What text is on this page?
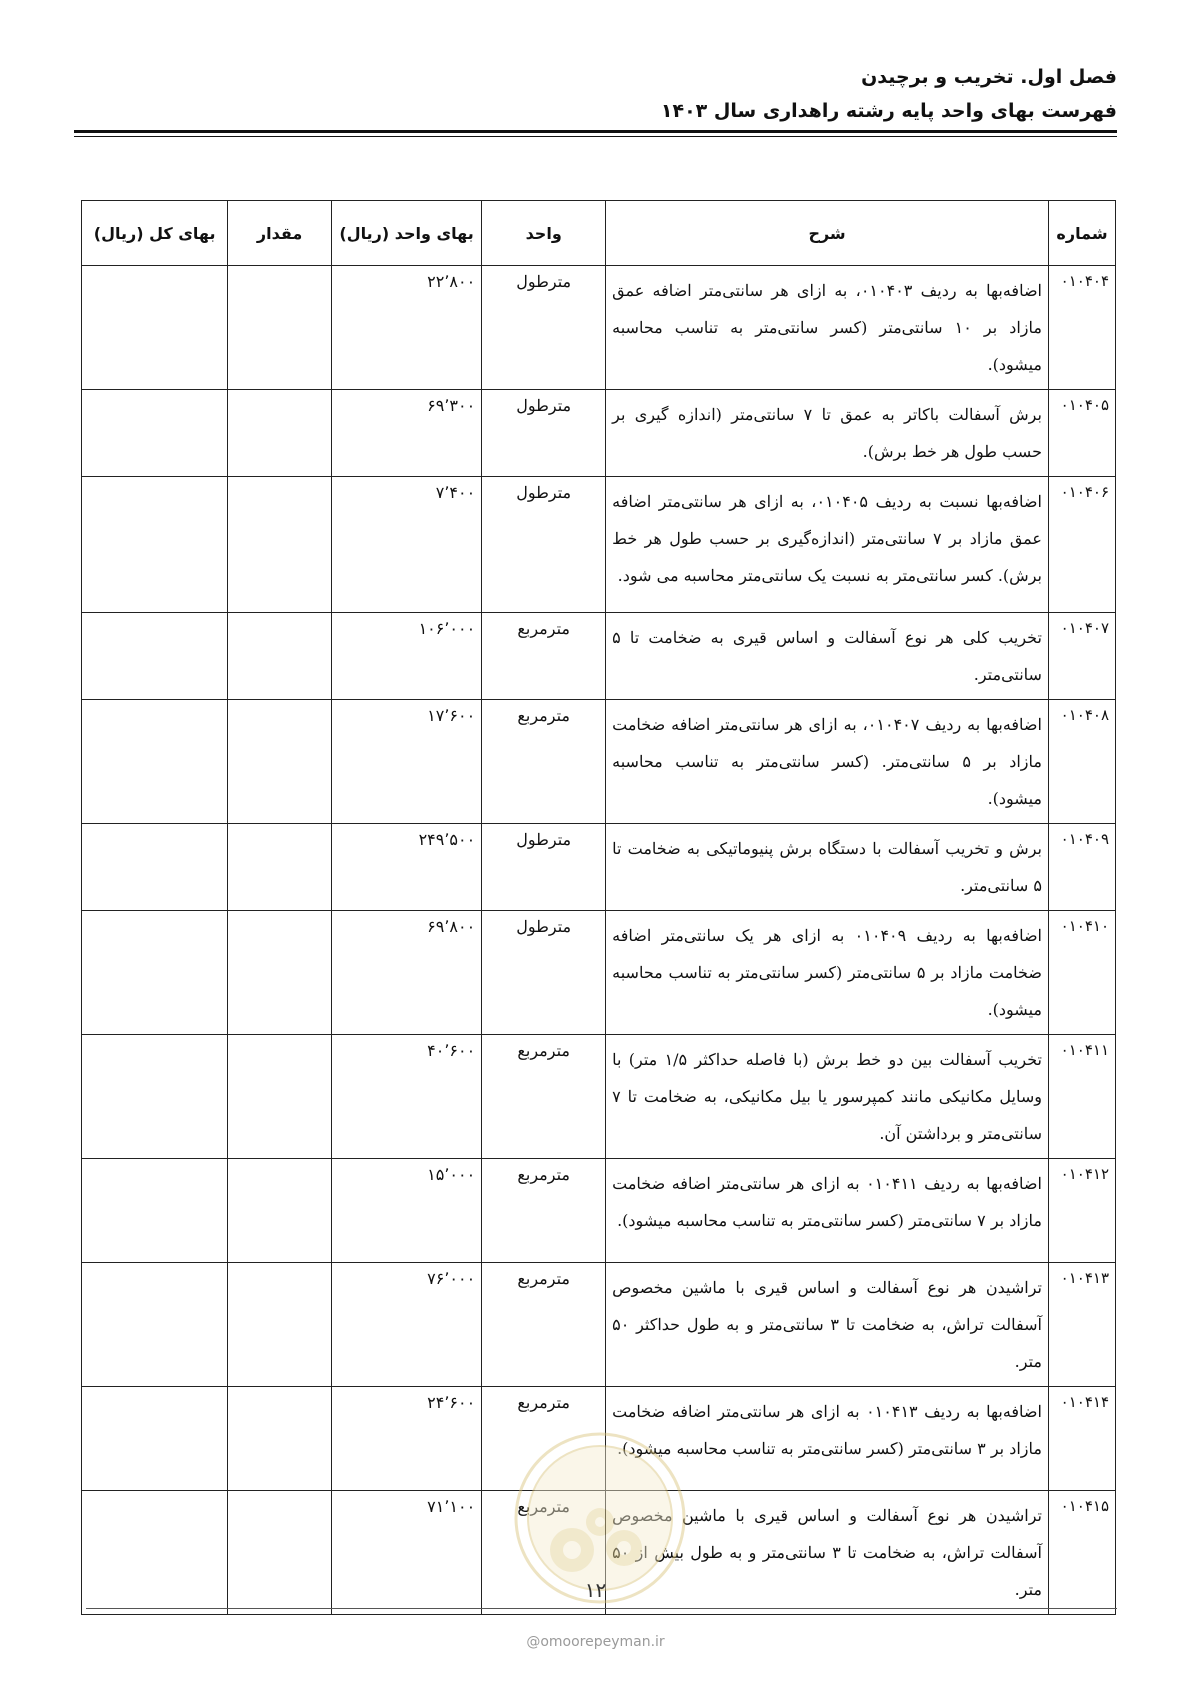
فصل اول. تخریب و برچیدن
فهرست بهای واحد پایه رشته راهداری سال ۱۴۰۳
شماره	شرح	واحد	بهای واحد (ریال)	مقدار	بهای کل (ریال)
۰۱۰۴۰۴	اضافه‌بها به ردیف ۰۱۰۴۰۳، به ازای هر سانتی‌متر اضافه عمق مازاد بر ۱۰ سانتی‌متر (کسر سانتی‌متر به تناسب محاسبه میشود).	مترطول	۲۲٬۸۰۰		
۰۱۰۴۰۵	برش آسفالت باکاتر به عمق تا ۷ سانتی‌متر (اندازه گیری بر حسب طول هر خط برش).	مترطول	۶۹٬۳۰۰		
۰۱۰۴۰۶	اضافه‌بها نسبت به ردیف ۰۱۰۴۰۵، به ازای هر سانتی‌متر اضافه عمق مازاد بر ۷ سانتی‌متر (اندازه‌گیری بر حسب طول هر خط برش). کسر سانتی‌متر به نسبت یک سانتی‌متر محاسبه می شود.	مترطول	۷٬۴۰۰		
۰۱۰۴۰۷	تخریب کلی هر نوع آسفالت و اساس قیری به ضخامت تا ۵ سانتی‌متر.	مترمربع	۱۰۶٬۰۰۰		
۰۱۰۴۰۸	اضافه‌بها به ردیف ۰۱۰۴۰۷، به ازای هر سانتی‌متر اضافه ضخامت مازاد بر ۵ سانتی‌متر. (کسر سانتی‌متر به تناسب محاسبه میشود).	مترمربع	۱۷٬۶۰۰		
۰۱۰۴۰۹	برش و تخریب آسفالت با دستگاه برش پنیوماتیکی به ضخامت تا ۵ سانتی‌متر.	مترطول	۲۴۹٬۵۰۰		
۰۱۰۴۱۰	اضافه‌بها به ردیف ۰۱۰۴۰۹ به ازای هر یک سانتی‌متر اضافه ضخامت مازاد بر ۵ سانتی‌متر (کسر سانتی‌متر به تناسب محاسبه میشود).	مترطول	۶۹٬۸۰۰		
۰۱۰۴۱۱	تخریب آسفالت بین دو خط برش (با فاصله حداکثر ۱/۵ متر) با وسایل مکانیکی مانند کمپرسور یا بیل مکانیکی، به ضخامت تا ۷ سانتی‌متر و برداشتن آن.	مترمربع	۴۰٬۶۰۰		
۰۱۰۴۱۲	اضافه‌بها به ردیف ۰۱۰۴۱۱ به ازای هر سانتی‌متر اضافه ضخامت مازاد بر ۷ سانتی‌متر (کسر سانتی‌متر به تناسب محاسبه میشود).	مترمربع	۱۵٬۰۰۰		
۰۱۰۴۱۳	تراشیدن هر نوع آسفالت و اساس قیری با ماشین مخصوص آسفالت تراش، به ضخامت تا ۳ سانتی‌متر و به طول حداکثر ۵۰ متر.	مترمربع	۷۶٬۰۰۰		
۰۱۰۴۱۴	اضافه‌بها به ردیف ۰۱۰۴۱۳ به ازای هر سانتی‌متر اضافه ضخامت مازاد بر ۳ سانتی‌متر (کسر سانتی‌متر به تناسب محاسبه میشود).	مترمربع	۲۴٬۶۰۰		
۰۱۰۴۱۵	تراشیدن هر نوع آسفالت و اساس قیری با ماشین مخصوص آسفالت تراش، به ضخامت تا ۳ سانتی‌متر و به طول بیش از ۵۰ متر.	مترمربع	۷۱٬۱۰۰		
۱۲
@omoorepeyman.ir
